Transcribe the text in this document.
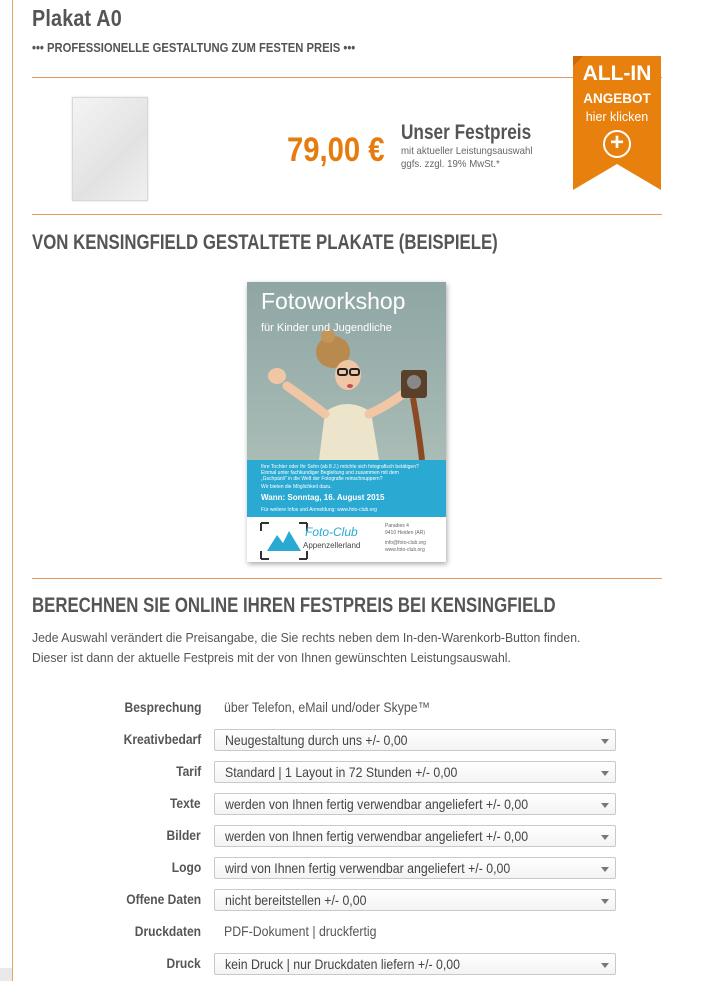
Plakat A0
••• PROFESSIONELLE GESTALTUNG ZUM FESTEN PREIS •••
79,00 € Unser Festpreis
mit aktueller Leistungsauswahl
ggfs. zzgl. 19% MwSt.*
ALL-IN
ANGEBOT
hier klicken
+
VON KENSINGFIELD GESTALTETE PLAKATE (BEISPIELE)
Fotoworkshop
für Kinder und Jugendliche
Ihre Tochter oder Ihr Sohn (ab 8 J.) möchte sich fotografisch betätigen?
Einmal unter fachkundiger Begleitung und zusammen mit dem
„Gschpänli" in die Welt der Fotografie reinschnuppern?
Wir bieten die Möglichkeit dazu.
Wann: Sonntag, 16. August 2015
Für weitere Infos und Anmeldung: www.foto-club.org
Foto-Club
Appenzellerland
Paradies 4
9410 Heiden (AR)
info@foto-club.org
www.foto-club.org
BERECHNEN SIE ONLINE IHREN FESTPREIS BEI KENSINGFIELD
Jede Auswahl verändert die Preisangabe, die Sie rechts neben dem In-den-Warenkorb-Button finden.
Dieser ist dann der aktuelle Festpreis mit der von Ihnen gewünschten Leistungsauswahl.
Besprechung über Telefon, eMail und/oder Skype™
Kreativbedarf Neugestaltung durch uns +/- 0,00
Tarif Standard | 1 Layout in 72 Stunden +/- 0,00
Texte werden von Ihnen fertig verwendbar angeliefert +/- 0,00
Bilder werden von Ihnen fertig verwendbar angeliefert +/- 0,00
Logo wird von Ihnen fertig verwendbar angeliefert +/- 0,00
Offene Daten nicht bereitstellen +/- 0,00
Druckdaten PDF-Dokument | druckfertig
Druck kein Druck | nur Druckdaten liefern +/- 0,00
